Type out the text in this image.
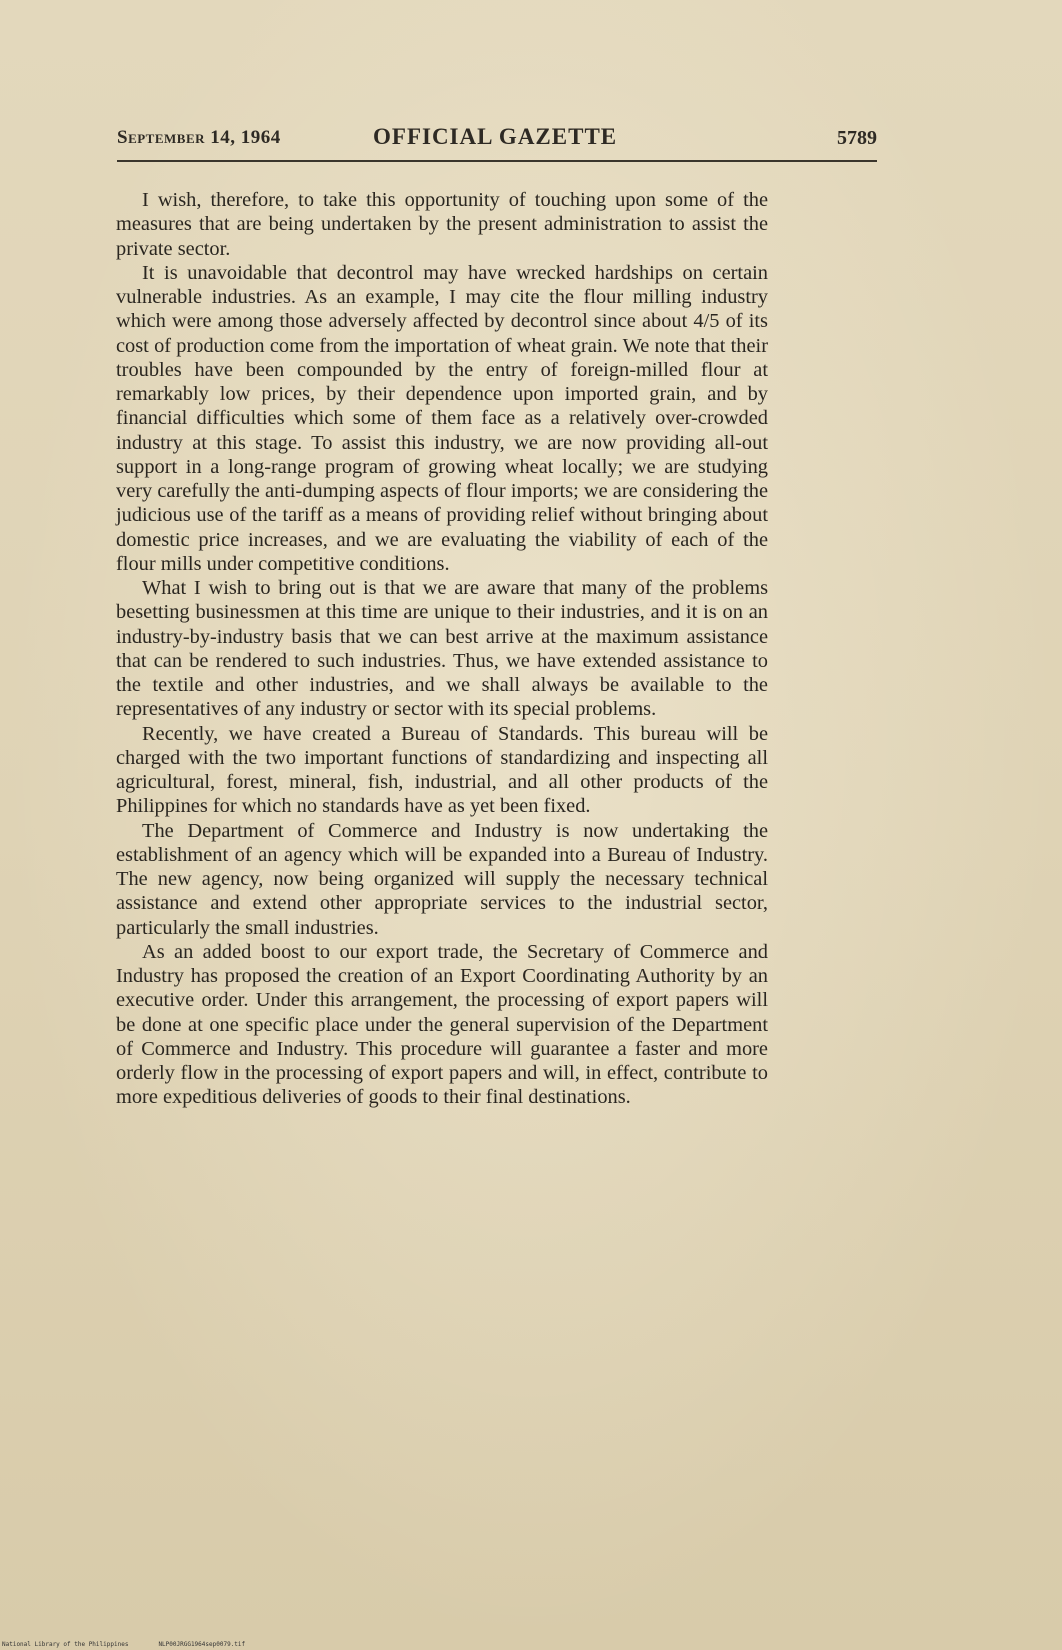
September 14, 1964	OFFICIAL GAZETTE	5789

I wish, therefore, to take this opportunity of touching upon some of the measures that are being undertaken by the present administration to assist the private sector.

It is unavoidable that decontrol may have wrecked hardships on certain vulnerable industries. As an example, I may cite the flour milling industry which were among those adversely affected by decontrol since about 4/5 of its cost of production come from the importation of wheat grain. We note that their troubles have been compounded by the entry of foreign-milled flour at remarkably low prices, by their dependence upon imported grain, and by financial difficulties which some of them face as a relatively over-crowded industry at this stage. To assist this industry, we are now providing all-out support in a long-range program of growing wheat locally; we are studying very carefully the anti-dumping aspects of flour imports; we are considering the judicious use of the tariff as a means of providing relief without bringing about domestic price increases, and we are evaluating the viability of each of the flour mills under competitive conditions.

What I wish to bring out is that we are aware that many of the problems besetting businessmen at this time are unique to their industries, and it is on an industry-by-industry basis that we can best arrive at the maximum assistance that can be rendered to such industries. Thus, we have extended assistance to the textile and other industries, and we shall always be available to the representatives of any industry or sector with its special problems.

Recently, we have created a Bureau of Standards. This bureau will be charged with the two important functions of standardizing and inspecting all agricultural, forest, mineral, fish, industrial, and all other products of the Philippines for which no standards have as yet been fixed.

The Department of Commerce and Industry is now undertaking the establishment of an agency which will be expanded into a Bureau of Industry. The new agency, now being organized will supply the necessary technical assistance and extend other appropriate services to the industrial sector, particularly the small industries.

As an added boost to our export trade, the Secretary of Commerce and Industry has proposed the creation of an Export Coordinating Authority by an executive order. Under this arrangement, the processing of export papers will be done at one specific place under the general supervision of the Department of Commerce and Industry. This procedure will guarantee a faster and more orderly flow in the processing of export papers and will, in effect, contribute to more expeditious deliveries of goods to their final destinations.

National Library of the Philippines	NLP00JRGG1964sep0079.tif
